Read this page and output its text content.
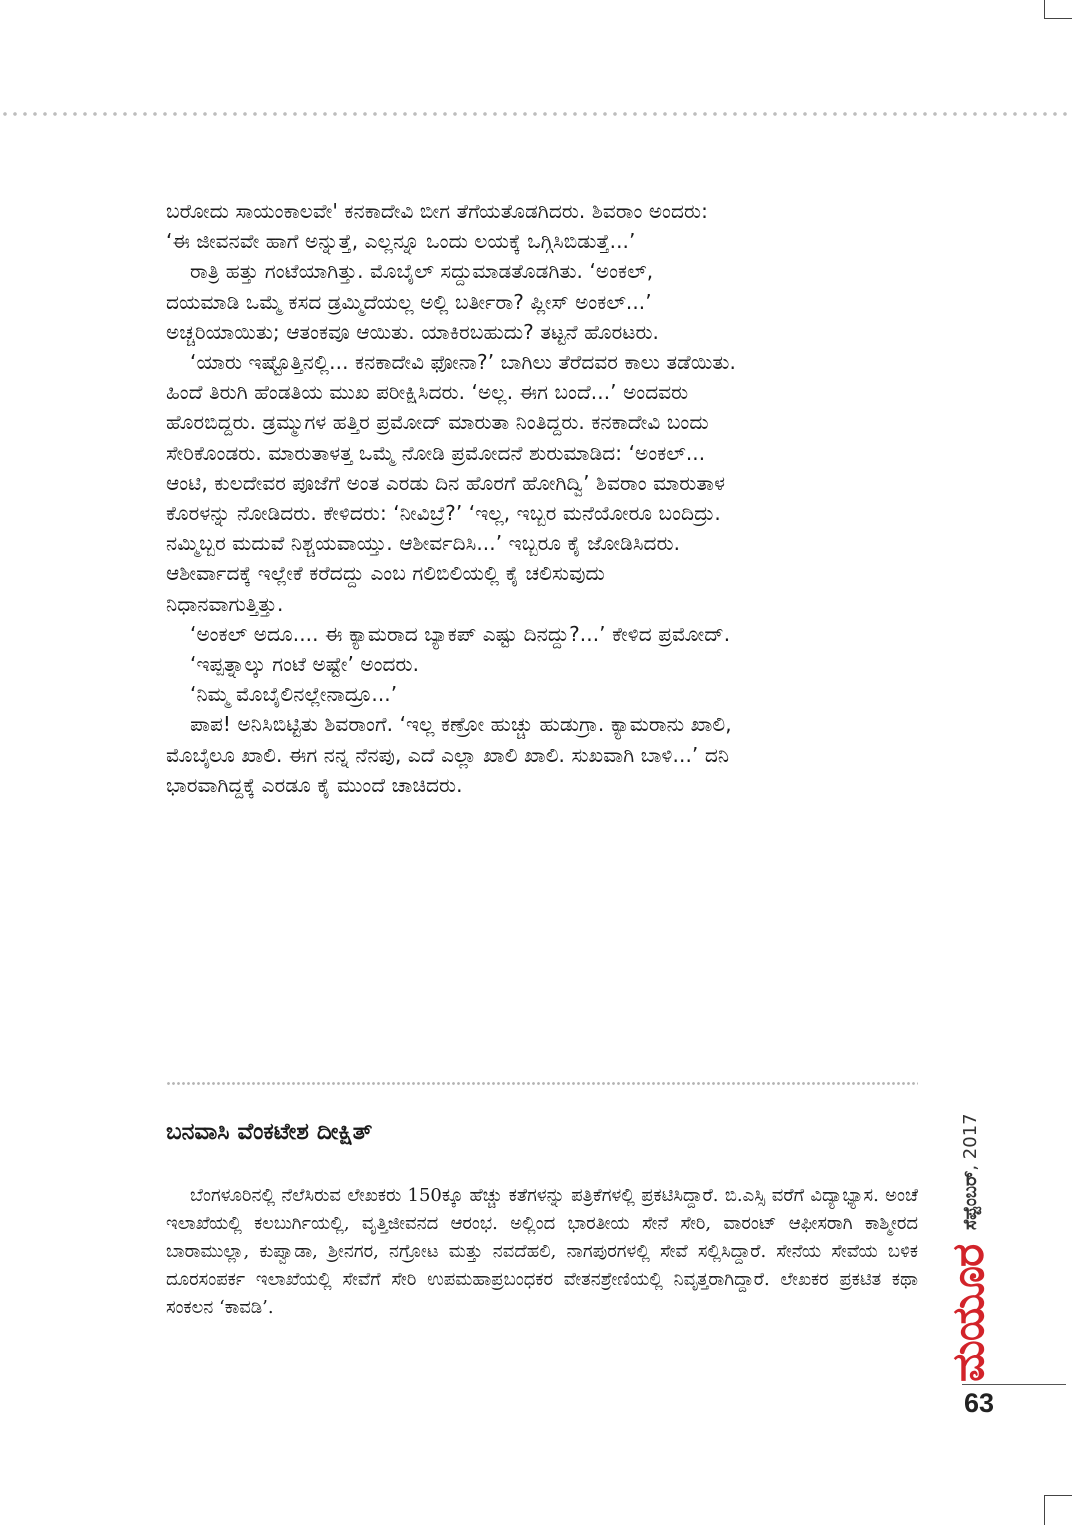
ಬರೋದು ಸಾಯಂಕಾಲವೇ' ಕನಕಾದೇವಿ ಬೀಗ ತೆಗೆಯತೊಡಗಿದರು. ಶಿವರಾಂ ಅಂದರು:

‘ಈ ಜೀವನವೇ ಹಾಗೆ ಅನ್ನುತ್ತೆ, ಎಲ್ಲನ್ನೂ ಒಂದು ಲಯಕ್ಕೆ ಒಗ್ಗಿಸಿಬಿಡುತ್ತೆ...’

ರಾತ್ರಿ ಹತ್ತು ಗಂಟೆಯಾಗಿತ್ತು. ಮೊಬೈಲ್ ಸದ್ದುಮಾಡತೊಡಗಿತು. ‘ಅಂಕಲ್,

ದಯಮಾಡಿ ಒಮ್ಮೆ ಕಸದ ಡ್ರಮ್ಮಿದೆಯಲ್ಲ ಅಲ್ಲಿ ಬರ್ತೀರಾ? ಪ್ಲೀಸ್ ಅಂಕಲ್...’

ಅಚ್ಚರಿಯಾಯಿತು; ಆತಂಕವೂ ಆಯಿತು. ಯಾಕಿರಬಹುದು? ತಟ್ಟನೆ ಹೊರಟರು.

‘ಯಾರು ಇಷ್ಟೊತ್ತಿನಲ್ಲಿ... ಕನಕಾದೇವಿ ಫೋನಾ?’ ಬಾಗಿಲು ತೆರೆದವರ ಕಾಲು ತಡೆಯಿತು.

ಹಿಂದೆ ತಿರುಗಿ ಹೆಂಡತಿಯ ಮುಖ ಪರೀಕ್ಷಿಸಿದರು. ‘ಅಲ್ಲ. ಈಗ ಬಂದೆ...’ ಅಂದವರು

ಹೊರಬಿದ್ದರು. ಡ್ರಮ್ಮುಗಳ ಹತ್ತಿರ ಪ್ರಮೋದ್ ಮಾರುತಾ ನಿಂತಿದ್ದರು. ಕನಕಾದೇವಿ ಬಂದು

ಸೇರಿಕೊಂಡರು. ಮಾರುತಾಳತ್ತ ಒಮ್ಮೆ ನೋಡಿ ಪ್ರಮೋದನೆ ಶುರುಮಾಡಿದ: ‘ಅಂಕಲ್...

ಆಂಟಿ, ಕುಲದೇವರ ಪೂಜೆಗೆ ಅಂತ ಎರಡು ದಿನ ಹೊರಗೆ ಹೋಗಿದ್ವಿ’ ಶಿವರಾಂ ಮಾರುತಾಳ

ಕೊರಳನ್ನು ನೋಡಿದರು. ಕೇಳಿದರು: ‘ನೀವಿಬ್ರೆ?’ ‘ಇಲ್ಲ, ಇಬ್ಬರ ಮನೆಯೋರೂ ಬಂದಿದ್ರು.

ನಮ್ಮಿಬ್ಬರ ಮದುವೆ ನಿಶ್ಚಯವಾಯ್ತು. ಆಶೀರ್ವದಿಸಿ...’ ಇಬ್ಬರೂ ಕೈ ಜೋಡಿಸಿದರು.

ಆಶೀರ್ವಾದಕ್ಕೆ ಇಲ್ಲೇಕೆ ಕರೆದದ್ದು ಎಂಬ ಗಲಿಬಿಲಿಯಲ್ಲಿ ಕೈ ಚಲಿಸುವುದು

ನಿಧಾನವಾಗುತ್ತಿತ್ತು.

‘ಅಂಕಲ್ ಅದೂ.... ಈ ಕ್ಯಾಮರಾದ ಬ್ಯಾಕಪ್ ಎಷ್ಟು ದಿನದ್ದು?...’ ಕೇಳಿದ ಪ್ರಮೋದ್.

‘ಇಪ್ಪತ್ನಾಲ್ಕು ಗಂಟೆ ಅಷ್ಟೇ’ ಅಂದರು.

‘ನಿಮ್ಮ ಮೊಬೈಲಿನಲ್ಲೇನಾದ್ರೂ...’

ಪಾಪ! ಅನಿಸಿಬಿಟ್ಟಿತು ಶಿವರಾಂಗೆ. ‘ಇಲ್ಲ ಕಣ್ರೋ ಹುಚ್ಚು ಹುಡುಗ್ರಾ. ಕ್ಯಾಮರಾನು ಖಾಲಿ,

ಮೊಬೈಲೂ ಖಾಲಿ. ಈಗ ನನ್ನ ನೆನಪು, ಎದೆ ಎಲ್ಲಾ ಖಾಲಿ ಖಾಲಿ. ಸುಖವಾಗಿ ಬಾಳಿ...’ ದನಿ

ಭಾರವಾಗಿದ್ದಕ್ಕೆ ಎರಡೂ ಕೈ ಮುಂದೆ ಚಾಚಿದರು.

ಬನವಾಸಿ ವೆಂಕಟೇಶ ದೀಕ್ಷಿತ್
ಬೆಂಗಳೂರಿನಲ್ಲಿ ನೆಲೆಸಿರುವ ಲೇಖಕರು 150ಕ್ಕೂ ಹೆಚ್ಚು ಕತೆಗಳನ್ನು ಪತ್ರಿಕೆಗಳಲ್ಲಿ ಪ್ರಕಟಿಸಿದ್ದಾರೆ. ಬಿ.ಎಸ್ಸಿ ವರೆಗೆ ವಿದ್ಯಾಭ್ಯಾಸ. ಅಂಚೆ ಇಲಾಖೆಯಲ್ಲಿ ಕಲಬುರ್ಗಿಯಲ್ಲಿ, ವೃತ್ತಿಜೀವನದ ಆರಂಭ. ಅಲ್ಲಿಂದ ಭಾರತೀಯ ಸೇನೆ ಸೇರಿ, ವಾರಂಟ್ ಆಫೀಸರಾಗಿ ಕಾಶ್ಮೀರದ ಬಾರಾಮುಲ್ಲಾ, ಕುಪ್ವಾಡಾ, ಶ್ರೀನಗರ, ನಗ್ರೋಟ ಮತ್ತು ನವದೆಹಲಿ, ನಾಗಪುರಗಳಲ್ಲಿ ಸೇವೆ ಸಲ್ಲಿಸಿದ್ದಾರೆ. ಸೇನೆಯ ಸೇವೆಯ ಬಳಿಕ ದೂರಸಂಪರ್ಕ ಇಲಾಖೆಯಲ್ಲಿ ಸೇವೆಗೆ ಸೇರಿ ಉಪಮಹಾಪ್ರಬಂಧಕರ ವೇತನಶ್ರೇಣಿಯಲ್ಲಿ ನಿವೃತ್ತರಾಗಿದ್ದಾರೆ. ಲೇಖಕರ ಪ್ರಕಟಿತ ಕಥಾ ಸಂಕಲನ ‘ಕಾವಡಿ’.
ಸೆಪ್ಟೆಂಬರ್, 2017
ಮಯೂರ
63
